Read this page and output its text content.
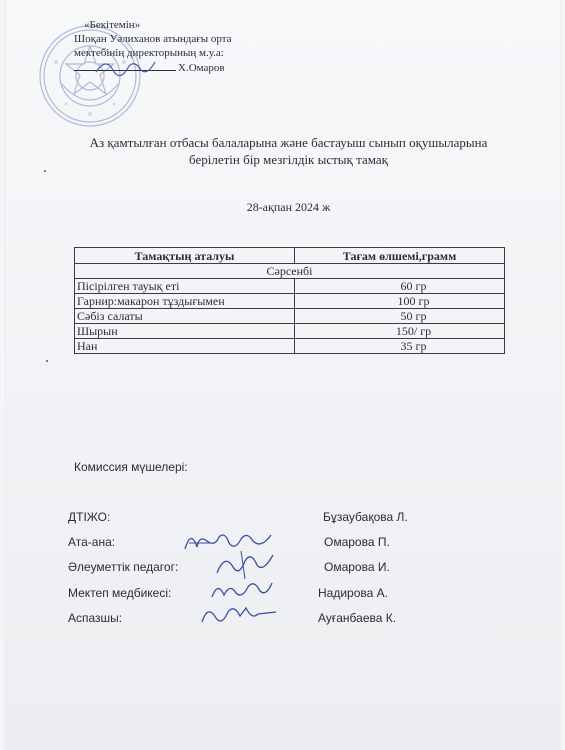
«Бекітемін»
Шоқан Уәлиханов атындағы орта
мектебінің директорының м.у.а:
Х.Омаров
Аз қамтылған отбасы балаларына және бастауыш сынып оқушыларына
берілетін бір мезгілдік ыстық тамақ
28-ақпан 2024 ж
Тамақтың аталуы	Тағам өлшемі,грамм
Сәрсенбі	
Пісірілген тауық еті	60 гр
Гарнир:макарон тұздығымен	100 гр
Сәбіз салаты	50 гр
Шырын	150/ гр
Нан	35 гр
Комиссия мүшелері:
ДТІЖО:	Бұзаубақова Л.
Ата-ана:	Омарова П.
Әлеуметтік педагог:	Омарова И.
Мектеп медбикесі:	Надирова А.
Аспазшы:	Ауғанбаева К.
